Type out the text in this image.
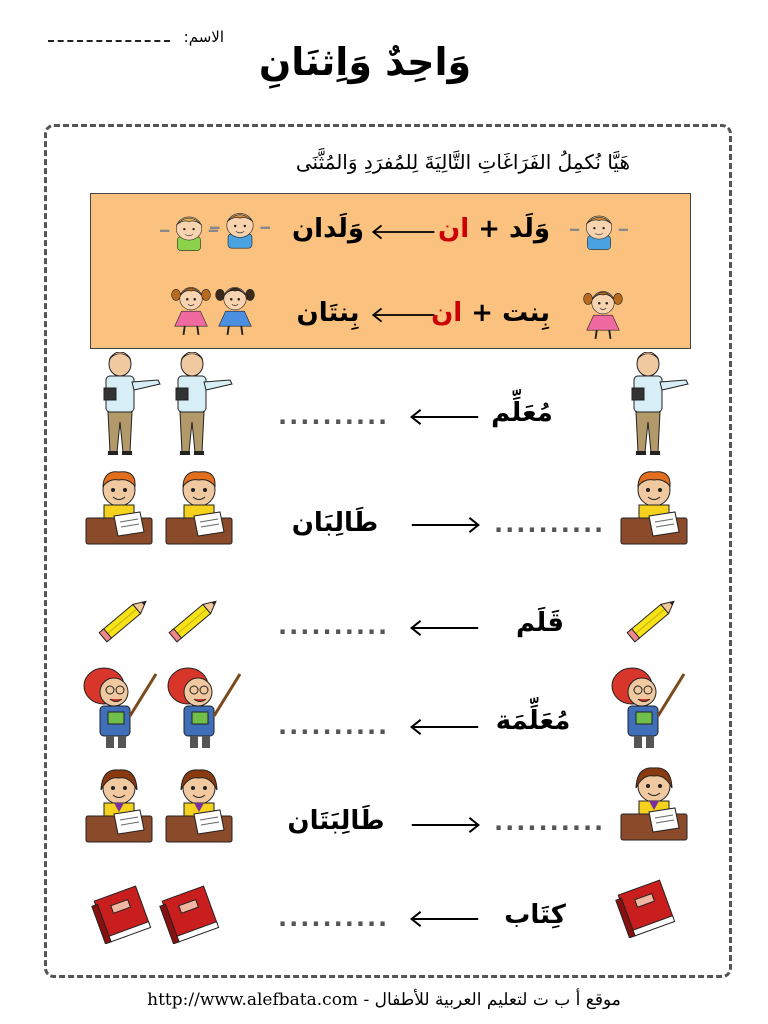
الاسم:
وَاحِدٌ وَاِثنَانِ
هَيَّا نُكمِلُ الفَرَاغَاتِ التَّالِيَةَ لِلمُفرَدِ وَالمُثَّنَى
وَلَدان	وَلَد + ان
بِنتَان	بِنت + ان
..........	مُعَلِّم
طَالِبَان	..........
..........	قَلَم
..........	مُعَلِّمَة
طَالِبَتَان	..........
..........	كِتَاب
http://www.alefbata.com - موقع أ ب ت لتعليم العربية للأطفال
